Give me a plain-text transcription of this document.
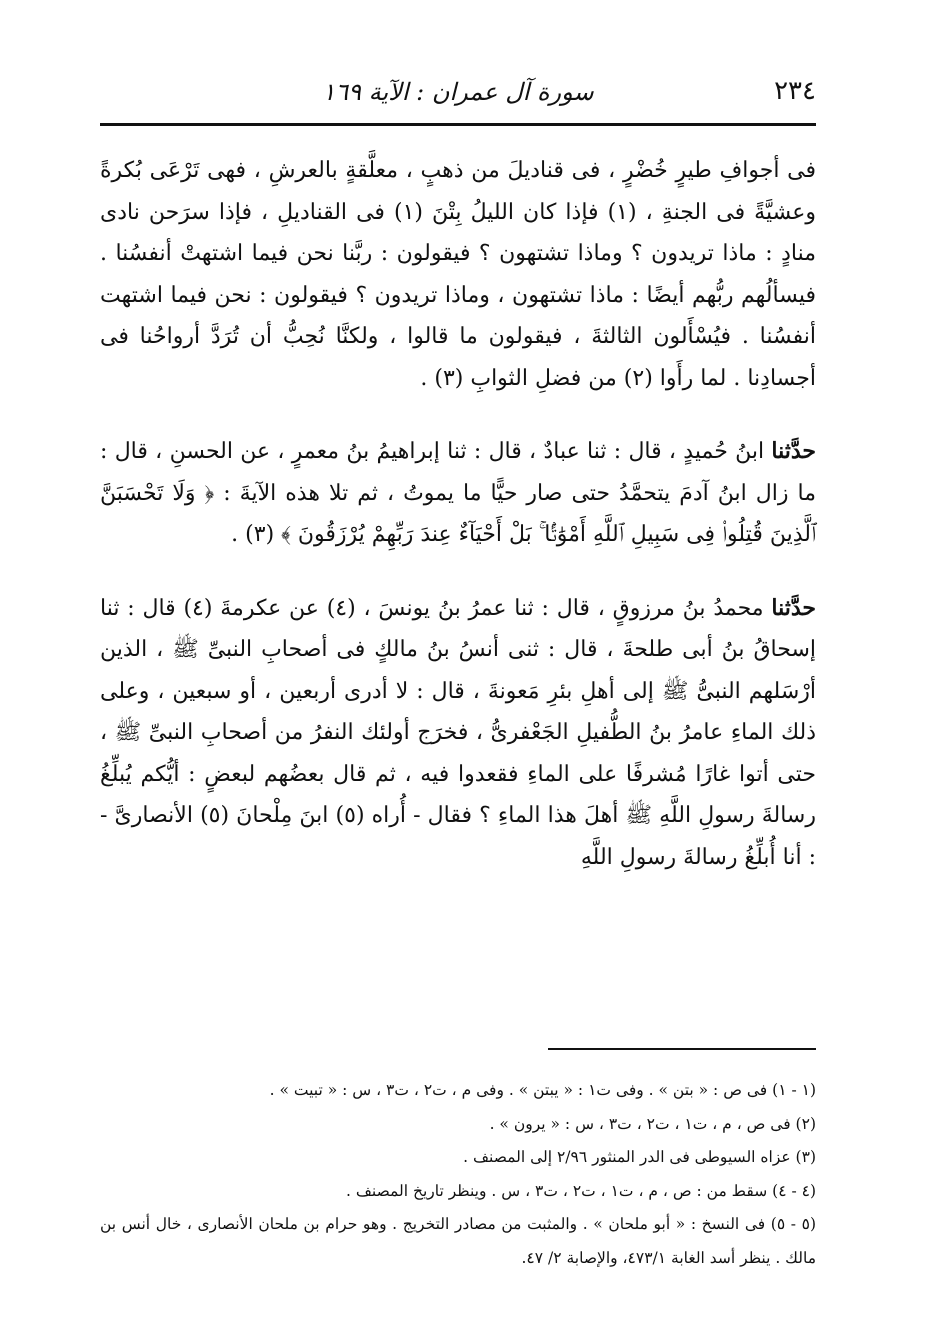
٢٣٤
سورة آل عمران : الآية ١٦٩

فى أجوافِ طيرٍ خُضْرٍ ، فى قناديلَ من ذهبٍ ، معلَّقةٍ بالعرشِ ، فهى تَرْعَى بُكرةً وعشيَّةً فى الجنةِ ، (١) فإذا كان الليلُ بِتْنَ (١) فى القناديلِ ، فإذا سرَحن نادى منادٍ : ماذا تريدون ؟ وماذا تشتهون ؟ فيقولون : ربَّنا نحن فيما اشتهتْ أنفسُنا . فيسألُهم ربُّهم أيضًا : ماذا تشتهون ، وماذا تريدون ؟ فيقولون : نحن فيما اشتهت أنفسُنا . فيُسْأَلون الثالثةَ ، فيقولون ما قالوا ، ولكنَّا نُحِبُّ أن تُرَدَّ أرواحُنا فى أجسادِنا . لما رأَوا (٢) من فضلِ الثوابِ (٣) .

حدَّثنا ابنُ حُميدٍ ، قال : ثنا عبادٌ ، قال : ثنا إبراهيمُ بنُ معمرٍ ، عن الحسنِ ، قال : ما زال ابنُ آدمَ يتحمَّدُ حتى صار حيًّا ما يموتُ ، ثم تلا هذه الآيةَ : ﴿ وَلَا تَحْسَبَنَّ ٱلَّذِينَ قُتِلُوا۟ فِى سَبِيلِ ٱللَّهِ أَمْوَٰتًۢا ۚ بَلْ أَحْيَآءٌ عِندَ رَبِّهِمْ يُرْزَقُونَ ﴾ (٣) .

حدَّثنا محمدُ بنُ مرزوقٍ ، قال : ثنا عمرُ بنُ يونسَ ، (٤) عن عكرمةَ (٤) قال : ثنا إسحاقُ بنُ أبى طلحةَ ، قال : ثنى أنسُ بنُ مالكٍ فى أصحابِ النبىِّ ﷺ ، الذين أرْسَلهم النبىُّ ﷺ إلى أهلِ بئرِ مَعونةَ ، قال : لا أدرى أربعين ، أو سبعين ، وعلى ذلك الماءِ عامرُ بنُ الطُّفيلِ الجَعْفرىُّ ، فخرَج أولئك النفرُ من أصحابِ النبىِّ ﷺ ، حتى أتوا غارًا مُشرفًا على الماءِ فقعدوا فيه ، ثم قال بعضُهم لبعضٍ : أيُّكم يُبلِّغُ رسالةَ رسولِ اللَّهِ ﷺ أهلَ هذا الماءِ ؟ فقال - أُراه (٥) ابنَ مِلْحانَ (٥) الأنصارىَّ - : أنا أُبلِّغُ رسالةَ رسولِ اللَّهِ

(١ - ١) فى ص : « بتن » . وفى ت١ : « يبتن » . وفى م ، ت٢ ، ت٣ ، س : « تبيت » .

(٢) فى ص ، م ، ت١ ، ت٢ ، ت٣ ، س : « يرون » .

(٣) عزاه السيوطى فى الدر المنثور ٢/٩٦ إلى المصنف .

(٤ - ٤) سقط من : ص ، م ، ت١ ، ت٢ ، ت٣ ، س . وينظر تاريخ المصنف .

(٥ - ٥) فى النسخ : « أبو ملحان » . والمثبت من مصادر التخريج . وهو حرام بن ملحان الأنصارى ، خال أنس بن مالك . ينظر أسد الغابة ٤٧٣/١، والإصابة ٢/ ٤٧.
